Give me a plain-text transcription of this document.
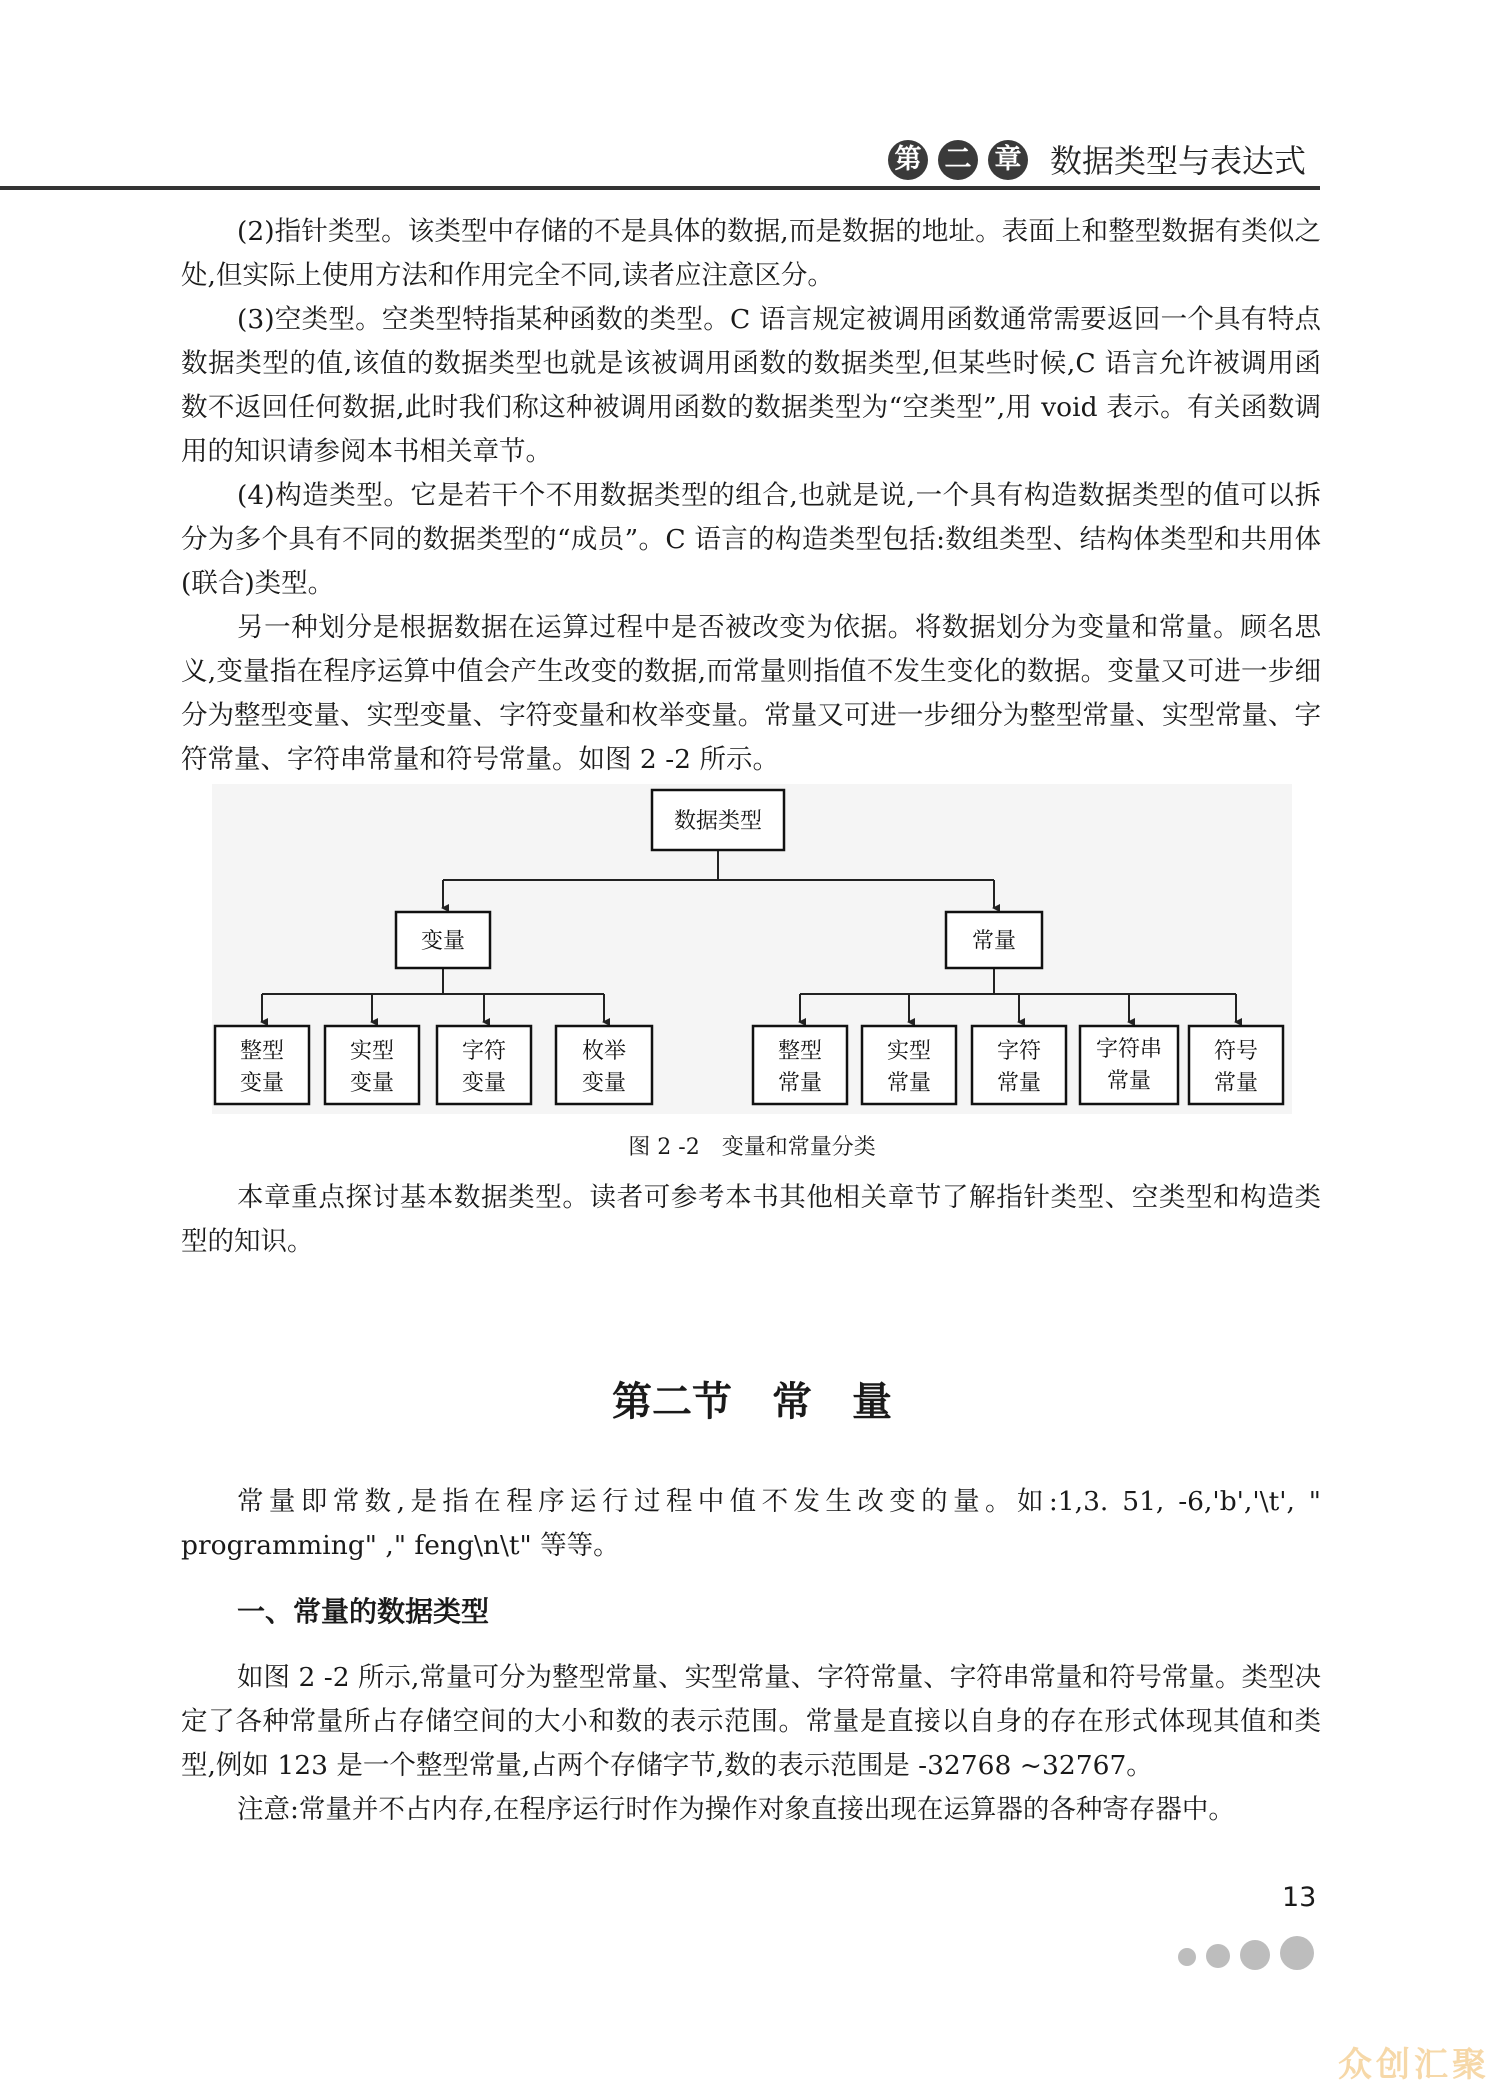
第 二 章 数据类型与表达式

(2)指针类型。该类型中存储的不是具体的数据,而是数据的地址。表面上和整型数据有类似之处,但实际上使用方法和作用完全不同,读者应注意区分。

(3)空类型。空类型特指某种函数的类型。C 语言规定被调用函数通常需要返回一个具有特点数据类型的值,该值的数据类型也就是该被调用函数的数据类型,但某些时候,C 语言允许被调用函数不返回任何数据,此时我们称这种被调用函数的数据类型为“空类型”,用 void 表示。有关函数调用的知识请参阅本书相关章节。

(4)构造类型。它是若干个不用数据类型的组合,也就是说,一个具有构造数据类型的值可以拆分为多个具有不同的数据类型的“成员”。C 语言的构造类型包括:数组类型、结构体类型和共用体(联合)类型。

另一种划分是根据数据在运算过程中是否被改变为依据。将数据划分为变量和常量。顾名思义,变量指在程序运算中值会产生改变的数据,而常量则指值不发生变化的数据。变量又可进一步细分为整型变量、实型变量、字符变量和枚举变量。常量又可进一步细分为整型常量、实型常量、字符常量、字符串常量和符号常量。如图 2 -2 所示。

数据类型
变量	常量
整型
变量
实型
变量
字符
变量
枚举
变量
整型
常量
实型
常量
字符
常量
字符串
常量
符号
常量
图 2 -2　变量和常量分类

本章重点探讨基本数据类型。读者可参考本书其他相关章节了解指针类型、空类型和构造类型的知识。

第二节　常　量

常量即常数,是指在程序运行过程中值不发生改变的量。如:1,3. 51, -6,'b','\t', " programming" ," feng\n\t" 等等。

一、常量的数据类型

如图 2 -2 所示,常量可分为整型常量、实型常量、字符常量、字符串常量和符号常量。类型决定了各种常量所占存储空间的大小和数的表示范围。常量是直接以自身的存在形式体现其值和类型,例如 123 是一个整型常量,占两个存储字节,数的表示范围是 -32768 ~32767。

注意:常量并不占内存,在程序运行时作为操作对象直接出现在运算器的各种寄存器中。

13
众创汇聚
